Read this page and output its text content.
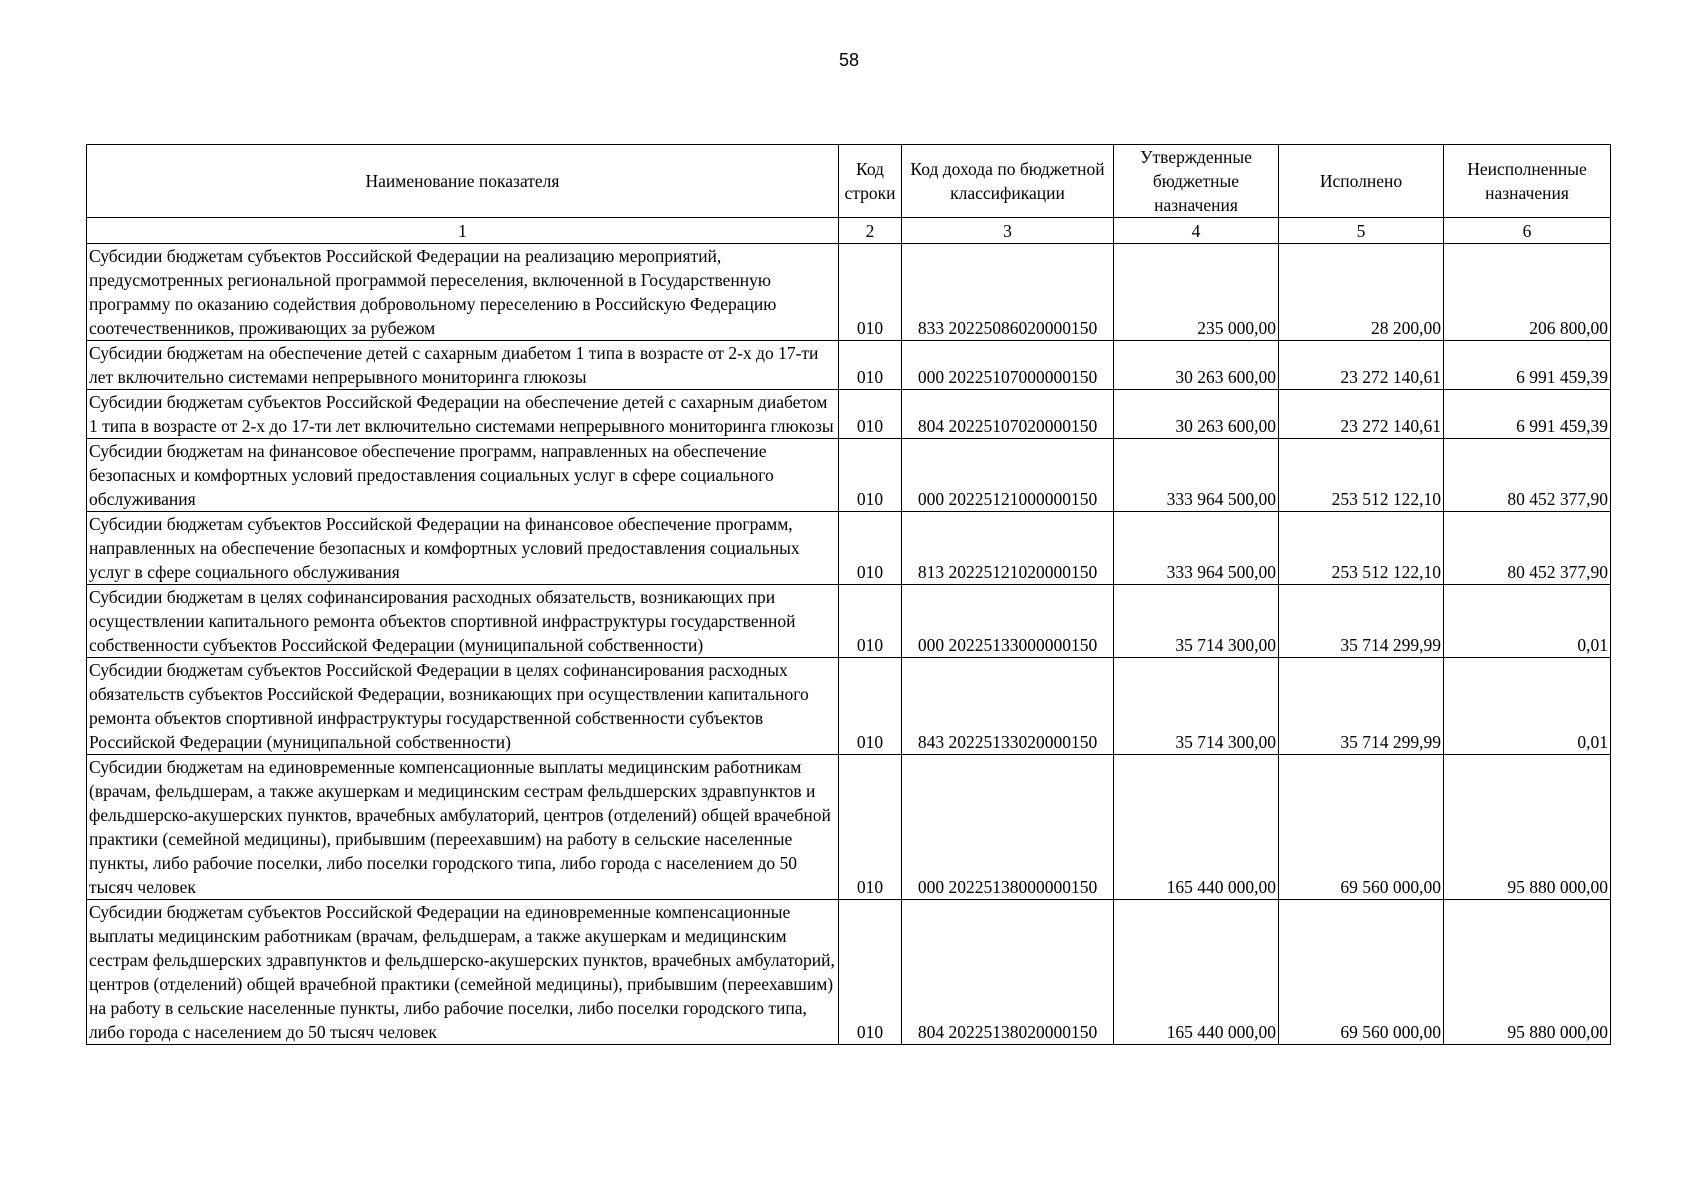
58
Наименование показателя	Код строки	Код дохода по бюджетной классификации	Утвержденные бюджетные назначения	Исполнено	Неисполненные назначения
1	2	3	4	5	6
Субсидии бюджетам субъектов Российской Федерации на реализацию мероприятий, предусмотренных региональной программой переселения, включенной в Государственную программу по оказанию содействия добровольному переселению в Российскую Федерацию соотечественников, проживающих за рубежом	010	833 20225086020000150	235 000,00	28 200,00	206 800,00
Субсидии бюджетам на обеспечение детей с сахарным диабетом 1 типа в возрасте от 2-х до 17-ти лет включительно системами непрерывного мониторинга глюкозы	010	000 20225107000000150	30 263 600,00	23 272 140,61	6 991 459,39
Субсидии бюджетам субъектов Российской Федерации на обеспечение детей с сахарным диабетом 1 типа в возрасте от 2-х до 17-ти лет включительно системами непрерывного мониторинга глюкозы	010	804 20225107020000150	30 263 600,00	23 272 140,61	6 991 459,39
Субсидии бюджетам на финансовое обеспечение программ, направленных на обеспечение безопасных и комфортных условий предоставления социальных услуг в сфере социального обслуживания	010	000 20225121000000150	333 964 500,00	253 512 122,10	80 452 377,90
Субсидии бюджетам субъектов Российской Федерации на финансовое обеспечение программ, направленных на обеспечение безопасных и комфортных условий предоставления социальных услуг в сфере социального обслуживания	010	813 20225121020000150	333 964 500,00	253 512 122,10	80 452 377,90
Субсидии бюджетам в целях софинансирования расходных обязательств, возникающих при осуществлении капитального ремонта объектов спортивной инфраструктуры государственной собственности субъектов Российской Федерации (муниципальной собственности)	010	000 20225133000000150	35 714 300,00	35 714 299,99	0,01
Субсидии бюджетам субъектов Российской Федерации в целях софинансирования расходных обязательств субъектов Российской Федерации, возникающих при осуществлении капитального ремонта объектов спортивной инфраструктуры государственной собственности субъектов Российской Федерации (муниципальной собственности)	010	843 20225133020000150	35 714 300,00	35 714 299,99	0,01
Субсидии бюджетам на единовременные компенсационные выплаты медицинским работникам (врачам, фельдшерам, а также акушеркам и медицинским сестрам фельдшерских здравпунктов и фельдшерско-акушерских пунктов, врачебных амбулаторий, центров (отделений) общей врачебной практики (семейной медицины), прибывшим (переехавшим) на работу в сельские населенные пункты, либо рабочие поселки, либо поселки городского типа, либо города с населением до 50 тысяч человек	010	000 20225138000000150	165 440 000,00	69 560 000,00	95 880 000,00
Субсидии бюджетам субъектов Российской Федерации на единовременные компенсационные выплаты медицинским работникам (врачам, фельдшерам, а также акушеркам и медицинским сестрам фельдшерских здравпунктов и фельдшерско-акушерских пунктов, врачебных амбулаторий, центров (отделений) общей врачебной практики (семейной медицины), прибывшим (переехавшим) на работу в сельские населенные пункты, либо рабочие поселки, либо поселки городского типа, либо города с населением до 50 тысяч человек	010	804 20225138020000150	165 440 000,00	69 560 000,00	95 880 000,00
